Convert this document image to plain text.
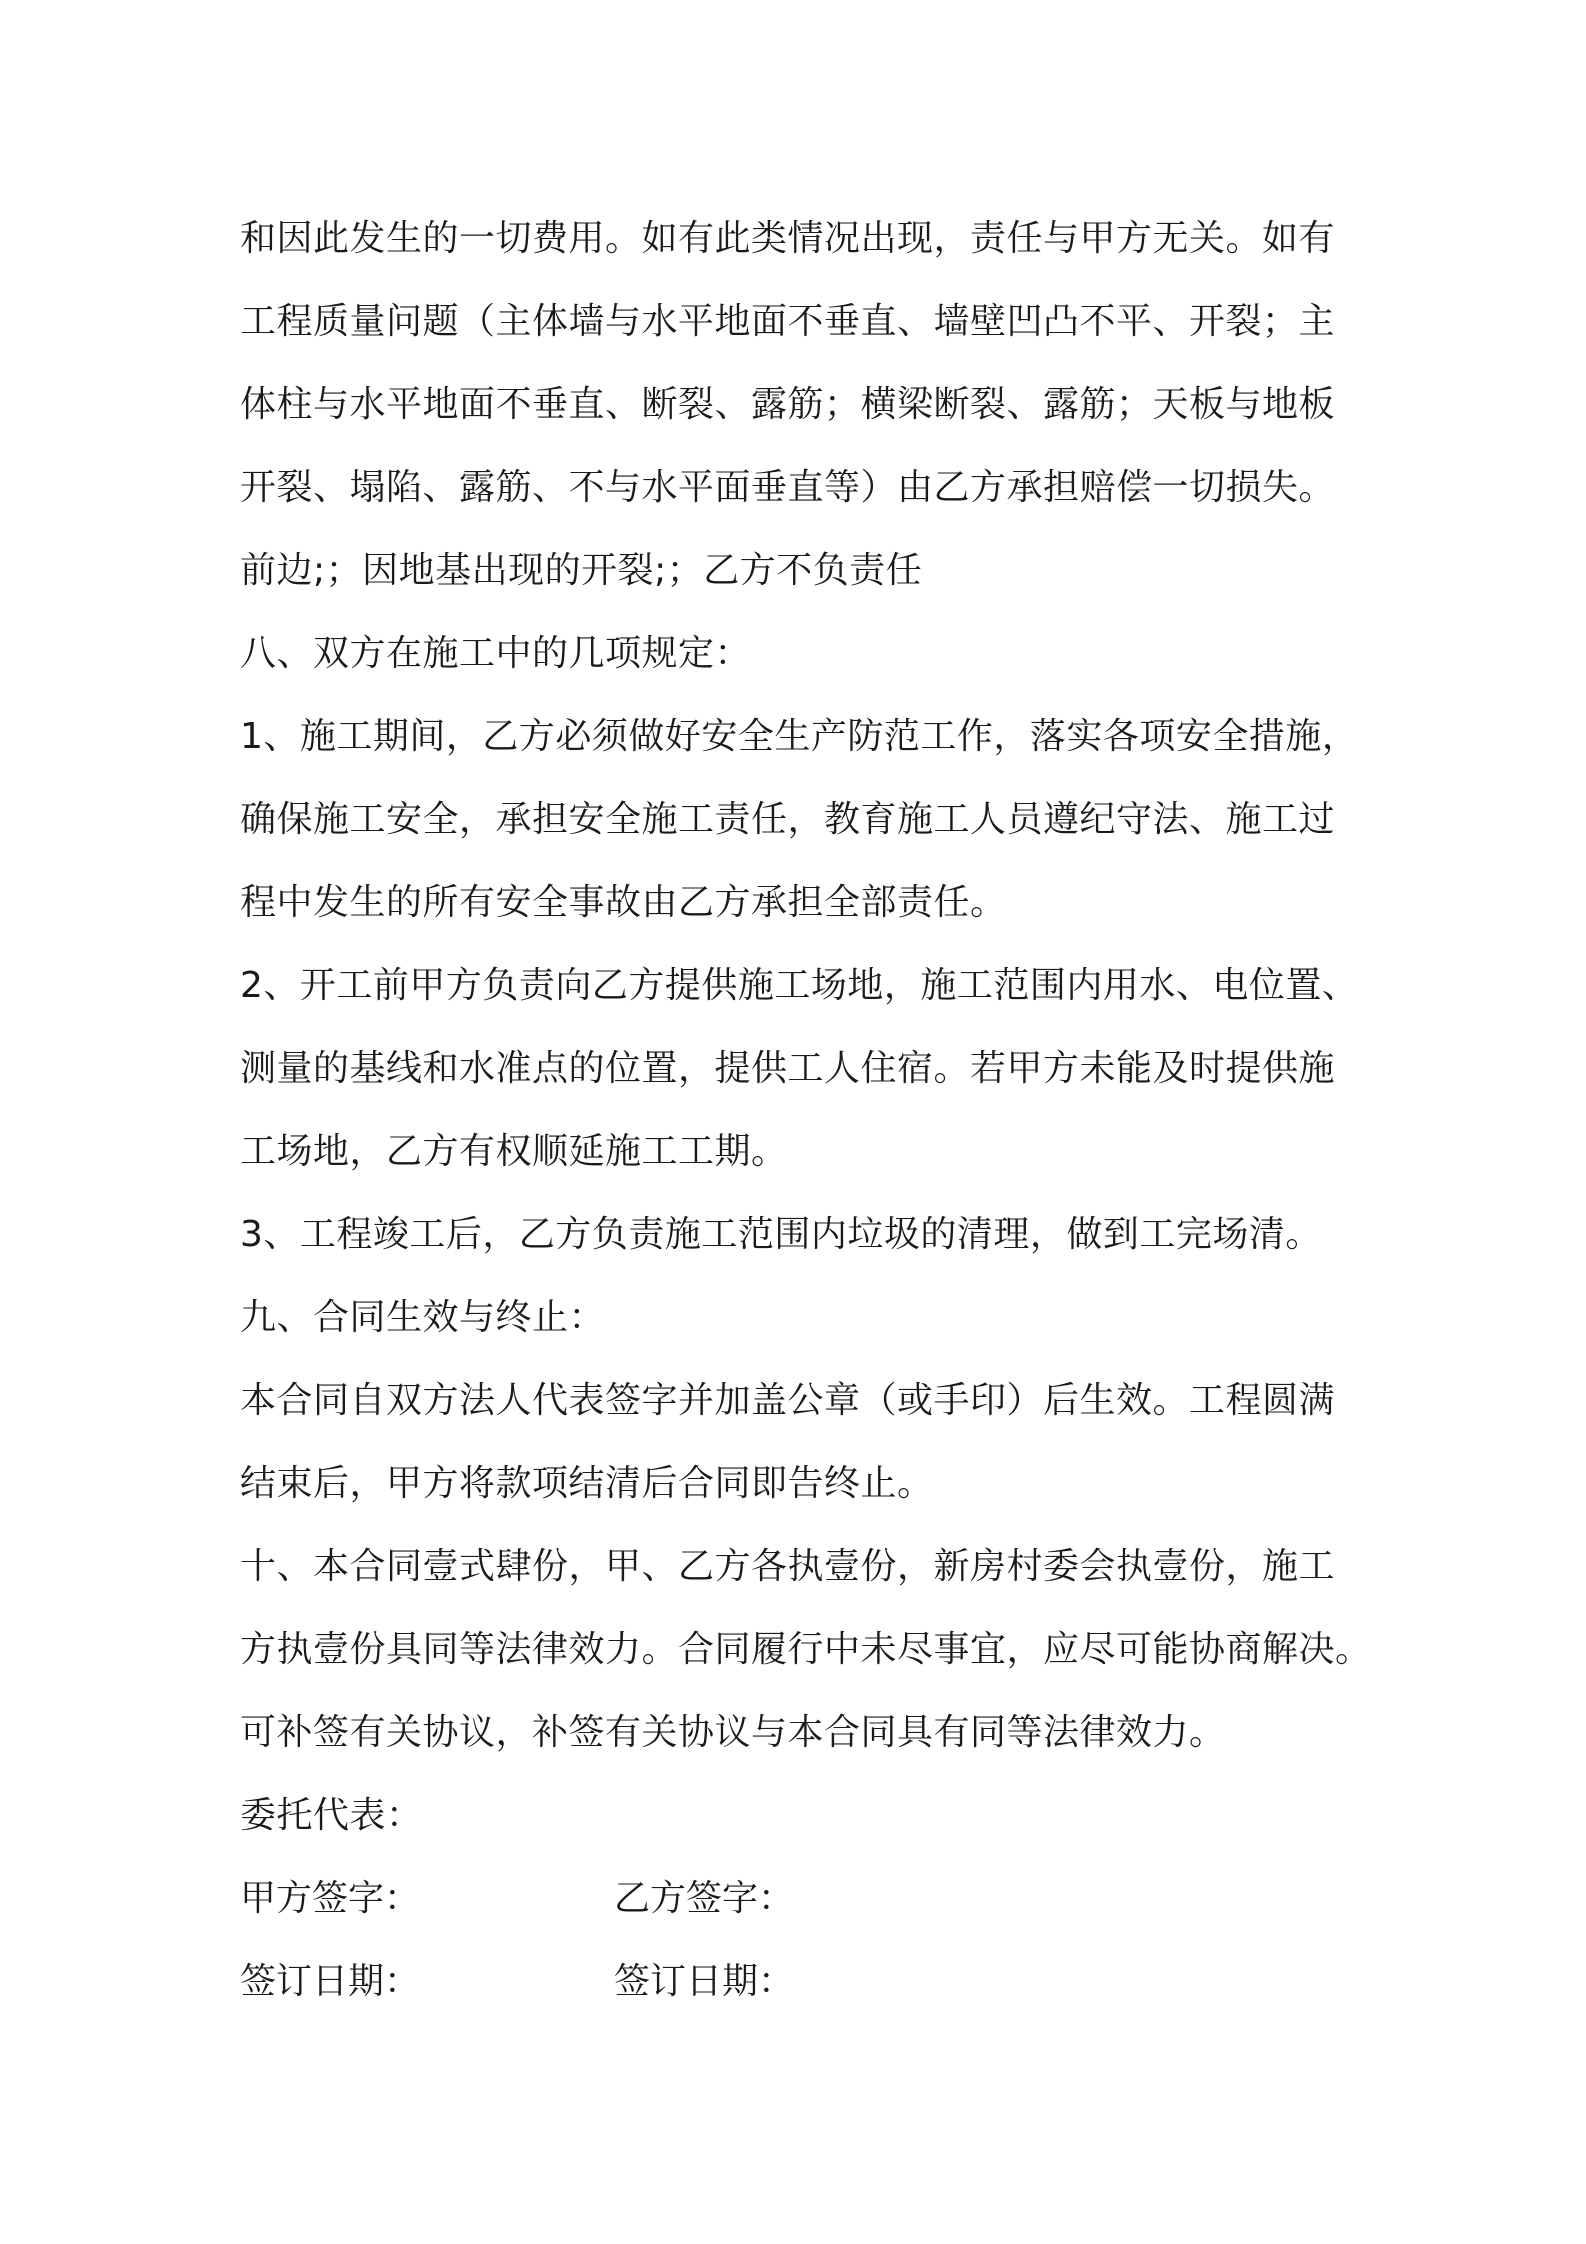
和因此发生的一切费用。如有此类情况出现，责任与甲方无关。如有
工程质量问题（主体墙与水平地面不垂直、墙壁凹凸不平、开裂；主
体柱与水平地面不垂直、断裂、露筋；横梁断裂、露筋；天板与地板
开裂、塌陷、露筋、不与水平面垂直等）由乙方承担赔偿一切损失。
前边;；因地基出现的开裂;；乙方不负责任
八、双方在施工中的几项规定：
1、施工期间，乙方必须做好安全生产防范工作，落实各项安全措施，
确保施工安全，承担安全施工责任，教育施工人员遵纪守法、施工过
程中发生的所有安全事故由乙方承担全部责任。
2、开工前甲方负责向乙方提供施工场地，施工范围内用水、电位置、
测量的基线和水准点的位置，提供工人住宿。若甲方未能及时提供施
工场地，乙方有权顺延施工工期。
3、工程竣工后，乙方负责施工范围内垃圾的清理，做到工完场清。
九、合同生效与终止：
本合同自双方法人代表签字并加盖公章（或手印）后生效。工程圆满
结束后，甲方将款项结清后合同即告终止。
十、本合同壹式肆份，甲、乙方各执壹份，新房村委会执壹份，施工
方执壹份具同等法律效力。合同履行中未尽事宜，应尽可能协商解决。
可补签有关协议，补签有关协议与本合同具有同等法律效力。
委托代表：
甲方签字：	乙方签字：
签订日期：	签订日期：
